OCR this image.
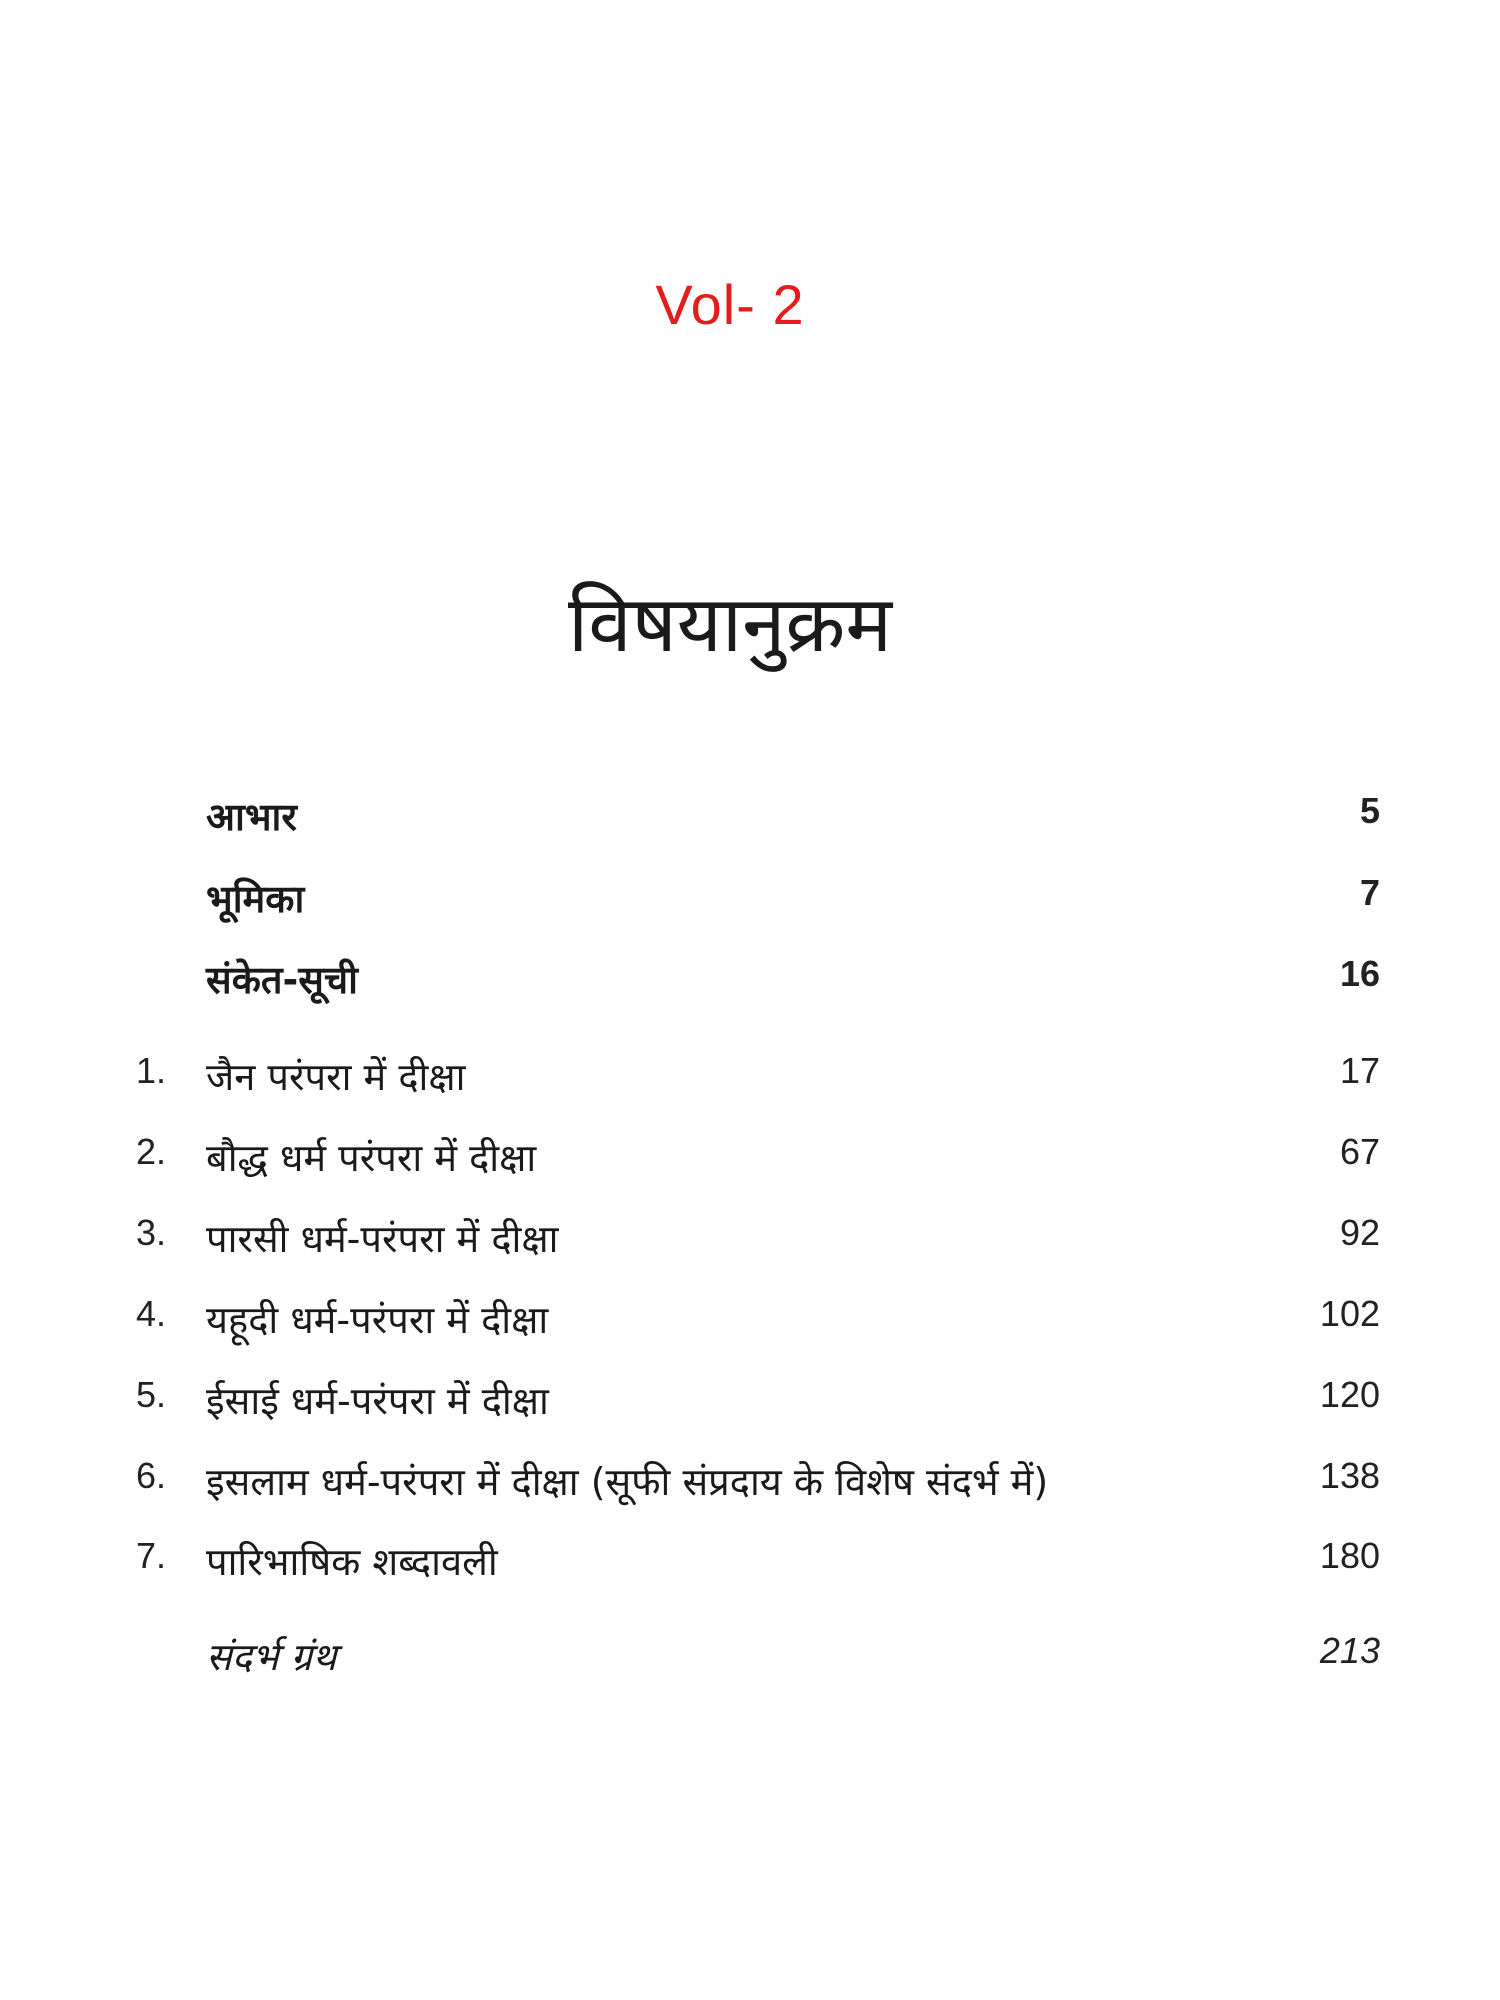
Vol- 2
विषयानुक्रम
आभार	5
भूमिका	7
संकेत-सूची	16
1.	जैन परंपरा में दीक्षा	17
2.	बौद्ध धर्म परंपरा में दीक्षा	67
3.	पारसी धर्म-परंपरा में दीक्षा	92
4.	यहूदी धर्म-परंपरा में दीक्षा	102
5.	ईसाई धर्म-परंपरा में दीक्षा	120
6.	इसलाम धर्म-परंपरा में दीक्षा (सूफी संप्रदाय के विशेष संदर्भ में)	138
7.	पारिभाषिक शब्दावली	180
संदर्भ ग्रंथ	213
